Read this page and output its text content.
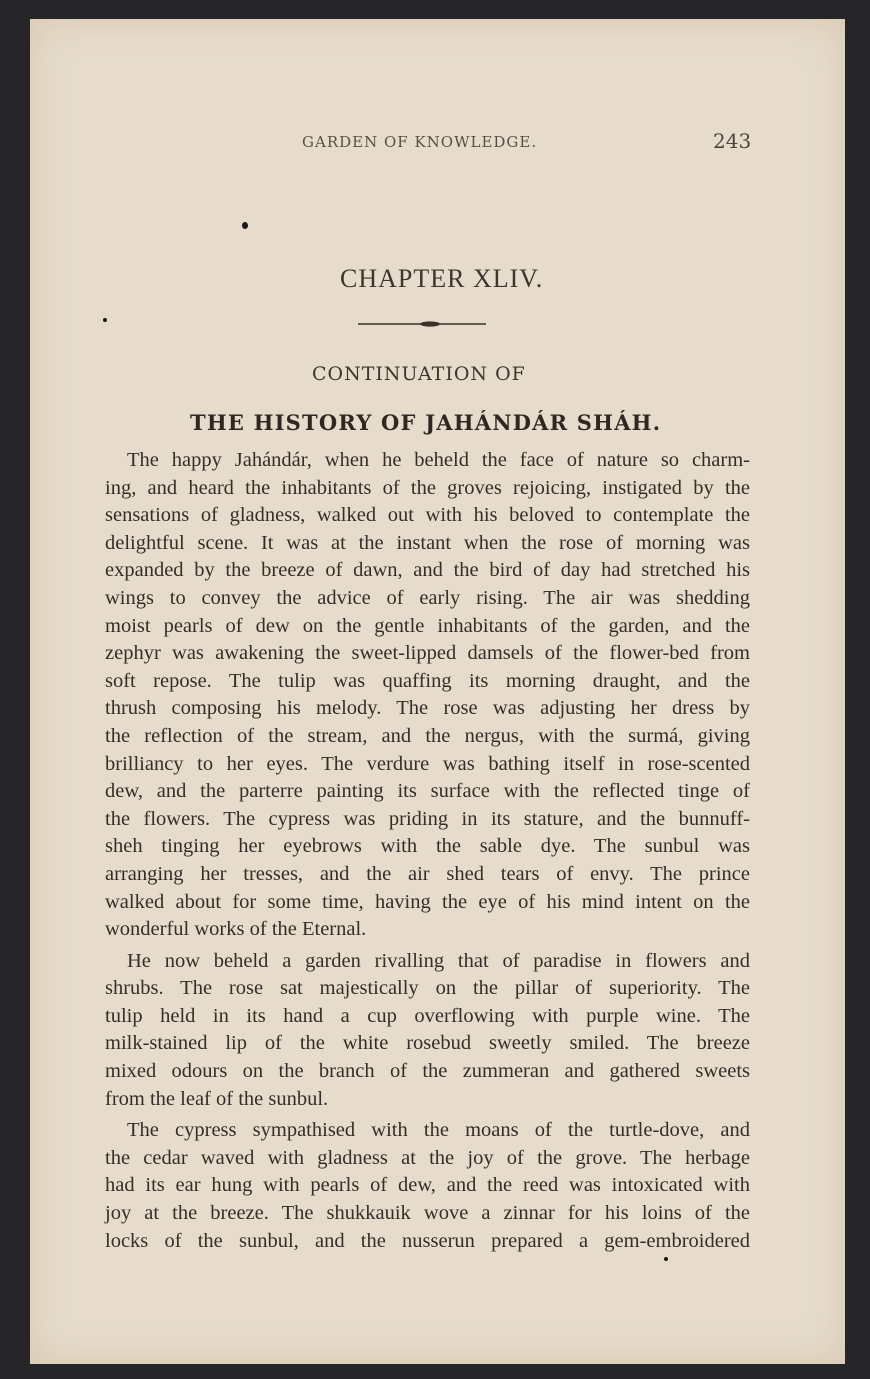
GARDEN OF KNOWLEDGE.	243
CHAPTER XLIV.
CONTINUATION OF
THE HISTORY OF JAHÁNDÁR SHÁH.

The happy Jahándár, when he beheld the face of nature so charm-
ing, and heard the inhabitants of the groves rejoicing, instigated by the
sensations of gladness, walked out with his beloved to contemplate the
delightful scene. It was at the instant when the rose of morning was
expanded by the breeze of dawn, and the bird of day had stretched his
wings to convey the advice of early rising. The air was shedding
moist pearls of dew on the gentle inhabitants of the garden, and the
zephyr was awakening the sweet-lipped damsels of the flower-bed from
soft repose. The tulip was quaffing its morning draught, and the
thrush composing his melody. The rose was adjusting her dress by
the reflection of the stream, and the nergus, with the surmá, giving
brilliancy to her eyes. The verdure was bathing itself in rose-scented
dew, and the parterre painting its surface with the reflected tinge of
the flowers. The cypress was priding in its stature, and the bunnuff-
sheh tinging her eyebrows with the sable dye. The sunbul was
arranging her tresses, and the air shed tears of envy. The prince
walked about for some time, having the eye of his mind intent on the
wonderful works of the Eternal.

He now beheld a garden rivalling that of paradise in flowers and
shrubs. The rose sat majestically on the pillar of superiority. The
tulip held in its hand a cup overflowing with purple wine. The
milk-stained lip of the white rosebud sweetly smiled. The breeze
mixed odours on the branch of the zummeran and gathered sweets
from the leaf of the sunbul.

The cypress sympathised with the moans of the turtle-dove, and
the cedar waved with gladness at the joy of the grove. The herbage
had its ear hung with pearls of dew, and the reed was intoxicated with
joy at the breeze. The shukkauik wove a zinnar for his loins of the
locks of the sunbul, and the nusserun prepared a gem-embroidered
